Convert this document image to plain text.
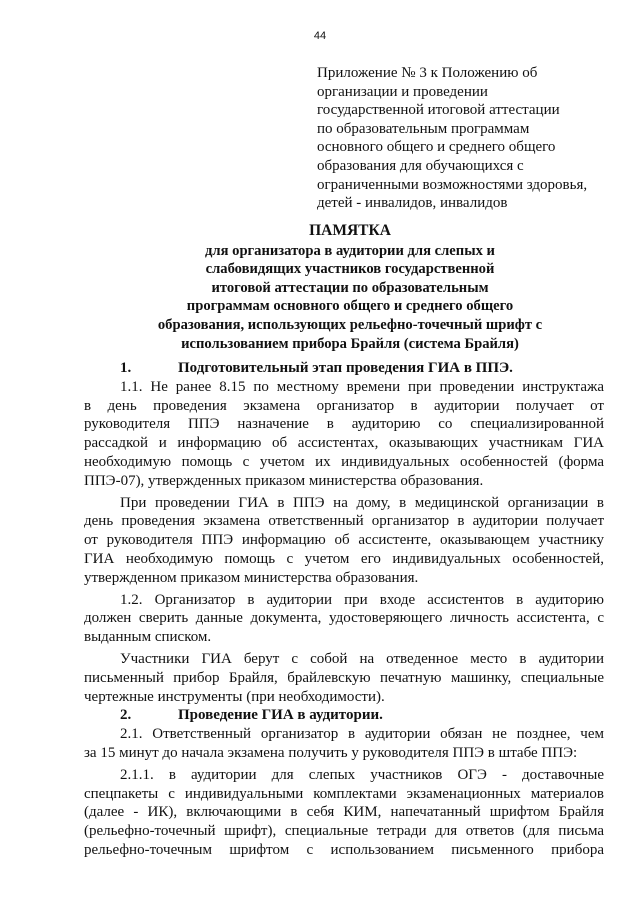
44
Приложение № 3 к Положению об
организации и проведении
государственной итоговой аттестации
по образовательным программам
основного общего и среднего общего
образования для обучающихся с
ограниченными возможностями здоровья,
детей - инвалидов, инвалидов
ПАМЯТКА
для организатора в аудитории для слепых и
слабовидящих участников государственной
итоговой аттестации по образовательным
программам основного общего и среднего общего
образования, использующих рельефно-точечный шрифт с
использованием прибора Брайля (система Брайля)
1.	Подготовительный этап проведения ГИА в ППЭ.
1.1. Не ранее 8.15 по местному времени при проведении инструктажа
в день проведения экзамена организатор в аудитории получает от
руководителя ППЭ назначение в аудиторию со специализированной
рассадкой и информацию об ассистентах, оказывающих участникам ГИА
необходимую помощь с учетом их индивидуальных особенностей (форма
ППЭ-07), утвержденных приказом министерства образования.
При проведении ГИА в ППЭ на дому, в медицинской организации в
день проведения экзамена ответственный организатор в аудитории получает
от руководителя ППЭ информацию об ассистенте, оказывающем участнику
ГИА необходимую помощь с учетом его индивидуальных особенностей,
утвержденном приказом министерства образования.
1.2. Организатор в аудитории при входе ассистентов в аудиторию
должен сверить данные документа, удостоверяющего личность ассистента, с
выданным списком.
Участники ГИА берут с собой на отведенное место в аудитории
письменный прибор Брайля, брайлевскую печатную машинку, специальные
чертежные инструменты (при необходимости).
2.	Проведение ГИА в аудитории.
2.1. Ответственный организатор в аудитории обязан не позднее, чем
за 15 минут до начала экзамена получить у руководителя ППЭ в штабе ППЭ:
2.1.1. в аудитории для слепых участников ОГЭ - доставочные
спецпакеты с индивидуальными комплектами экзаменационных материалов
(далее - ИК), включающими в себя КИМ, напечатанный шрифтом Брайля
(рельефно-точечный шрифт), специальные тетради для ответов (для письма
рельефно-точечным шрифтом с использованием письменного прибора
